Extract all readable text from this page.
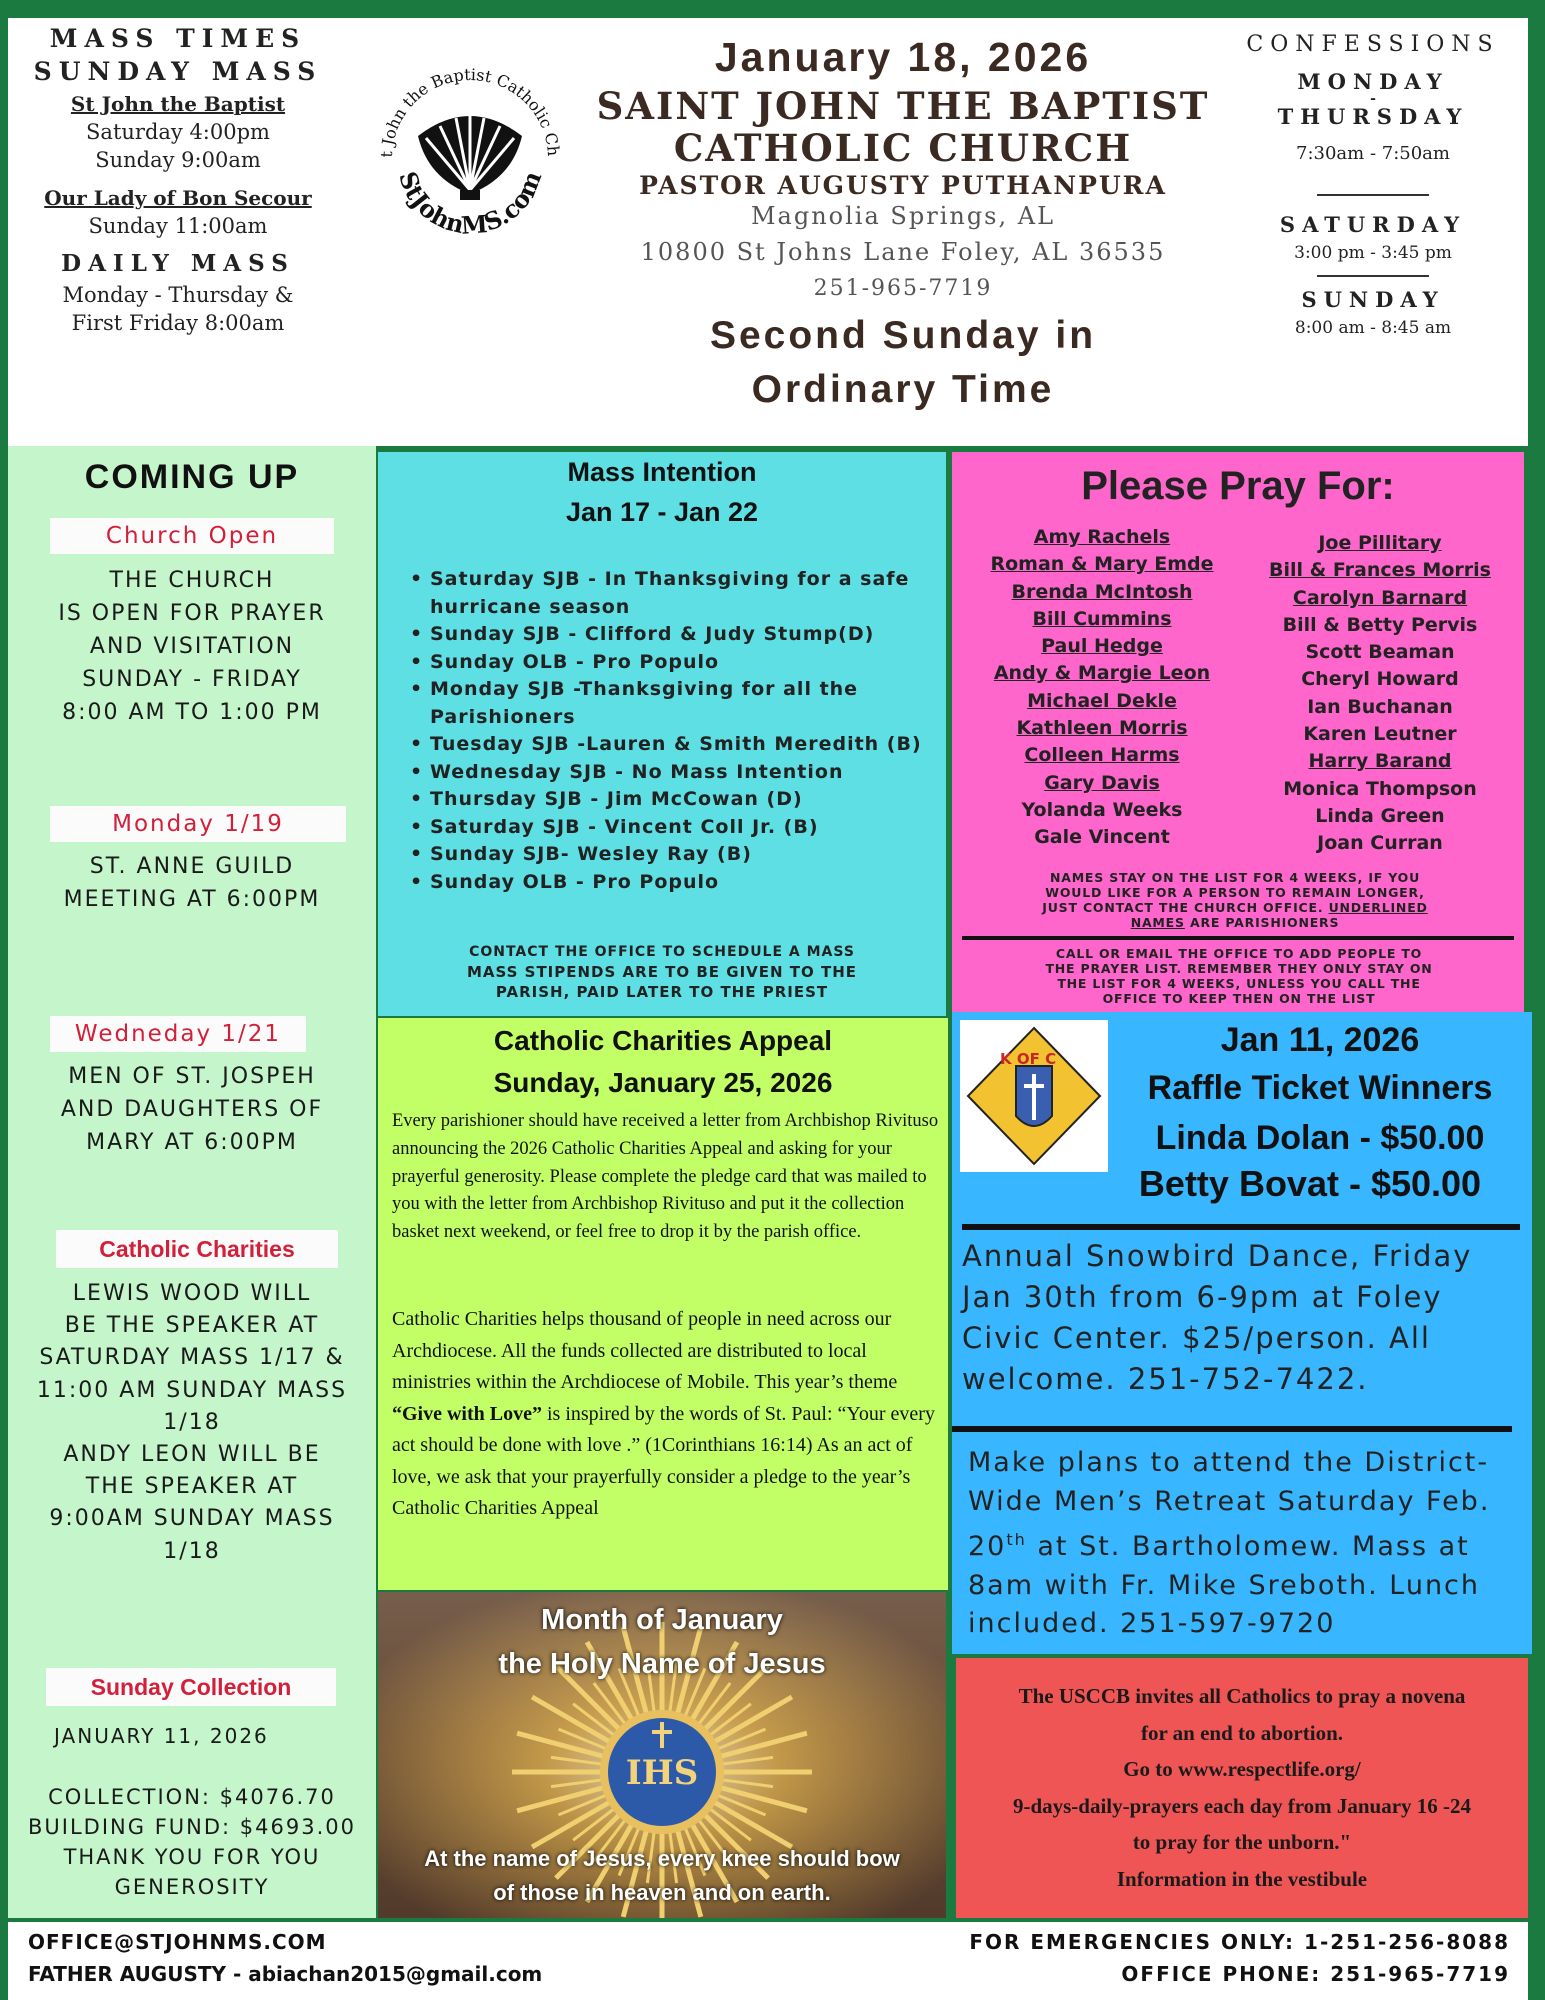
MASS TIMES
SUNDAY MASS
St John the Baptist
Saturday 4:00pm
Sunday 9:00am
Our Lady of Bon Secour
Sunday 11:00am
DAILY MASS
Monday - Thursday &
First Friday 8:00am
t John the Baptist Catholic Ch
StJohnMS.com
January 18, 2026
SAINT JOHN THE BAPTIST
CATHOLIC CHURCH
PASTOR AUGUSTY PUTHANPURA
Magnolia Springs, AL
10800 St Johns Lane Foley, AL 36535
251-965-7719
Second Sunday in
Ordinary Time
CONFESSIONS
MONDAY
-
THURSDAY
7:30am - 7:50am
SATURDAY
3:00 pm - 3:45 pm
SUNDAY
8:00 am - 8:45 am
COMING UP
Church Open
THE CHURCH
IS OPEN FOR PRAYER
AND VISITATION
SUNDAY - FRIDAY
8:00 AM TO 1:00 PM
Monday 1/19
ST. ANNE GUILD
MEETING AT 6:00PM
Wedneday 1/21
MEN OF ST. JOSPEH
AND DAUGHTERS OF
MARY AT 6:00PM
Catholic Charities
LEWIS WOOD WILL
BE THE SPEAKER AT
SATURDAY MASS 1/17 &
11:00 AM SUNDAY MASS
1/18
ANDY LEON WILL BE
THE SPEAKER AT
9:00AM SUNDAY MASS
1/18
Sunday Collection
JANUARY 11, 2026
COLLECTION: $4076.70
BUILDING FUND: $4693.00
THANK YOU FOR YOU
GENEROSITY
Mass Intention
Jan 17 - Jan 22
• Saturday SJB - In Thanksgiving for a safe hurricane season
• Sunday SJB - Clifford & Judy Stump(D)
• Sunday OLB - Pro Populo
• Monday SJB -Thanksgiving for all the Parishioners
• Tuesday SJB -Lauren & Smith Meredith (B)
• Wednesday SJB - No Mass Intention
• Thursday SJB - Jim McCowan (D)
• Saturday SJB - Vincent Coll Jr. (B)
• Sunday SJB- Wesley Ray (B)
• Sunday OLB - Pro Populo
CONTACT THE OFFICE TO SCHEDULE A MASS
MASS STIPENDS ARE TO BE GIVEN TO THE
PARISH, PAID LATER TO THE PRIEST
Please Pray For:
Amy Rachels
Roman & Mary Emde
Brenda McIntosh
Bill Cummins
Paul Hedge
Andy & Margie Leon
Michael Dekle
Kathleen Morris
Colleen Harms
Gary Davis
Yolanda Weeks
Gale Vincent
Joe Pillitary
Bill & Frances Morris
Carolyn Barnard
Bill & Betty Pervis
Scott Beaman
Cheryl Howard
Ian Buchanan
Karen Leutner
Harry Barand
Monica Thompson
Linda Green
Joan Curran
NAMES STAY ON THE LIST FOR 4 WEEKS, IF YOU WOULD LIKE FOR A PERSON TO REMAIN LONGER, JUST CONTACT THE CHURCH OFFICE. UNDERLINED NAMES ARE PARISHIONERS
CALL OR EMAIL THE OFFICE TO ADD PEOPLE TO THE PRAYER LIST. REMEMBER THEY ONLY STAY ON THE LIST FOR 4 WEEKS, UNLESS YOU CALL THE OFFICE TO KEEP THEN ON THE LIST
Catholic Charities Appeal
Sunday, January 25, 2026
Every parishioner should have received a letter from Archbishop Rivituso announcing the 2026 Catholic Charities Appeal and asking for your prayerful generosity. Please complete the pledge card that was mailed to you with the letter from Archbishop Rivituso and put it the collection basket next weekend, or feel free to drop it by the parish office.
Catholic Charities helps thousand of people in need across our Archdiocese. All the funds collected are distributed to local ministries within the Archdiocese of Mobile. This year’s theme “Give with Love” is inspired by the words of St. Paul: “Your every act should be done with love .” (1Corinthians 16:14) As an act of love, we ask that your prayerfully consider a pledge to the year’s Catholic Charities Appeal
IHS
Month of January
the Holy Name of Jesus
At the name of Jesus, every knee should bow
of those in heaven and on earth.
K OF C	Jan 11, 2026
Raffle Ticket Winners
Linda Dolan - $50.00
Betty Bovat - $50.00
Annual Snowbird Dance, Friday Jan 30th from 6-9pm at Foley Civic Center. $25/person. All welcome. 251-752-7422.
Make plans to attend the District-Wide Men’s Retreat Saturday Feb. 20th at St. Bartholomew. Mass at 8am with Fr. Mike Sreboth. Lunch included. 251-597-9720
The USCCB invites all Catholics to pray a novena
for an end to abortion.
Go to www.respectlife.org/
9-days-daily-prayers each day from January 16 -24
to pray for the unborn."
Information in the vestibule
OFFICE@STJOHNMS.COM
FATHER AUGUSTY - abiachan2015@gmail.com
FOR EMERGENCIES ONLY: 1-251-256-8088
OFFICE PHONE: 251-965-7719
